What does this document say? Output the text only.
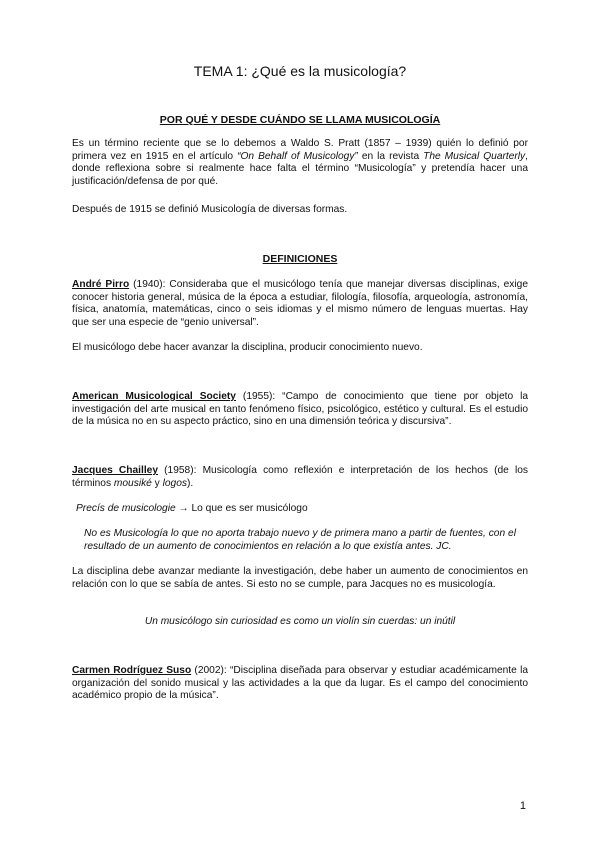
TEMA 1: ¿Qué es la musicología?
POR QUÉ Y DESDE CUÁNDO SE LLAMA MUSICOLOGÍA

Es un término reciente que se lo debemos a Waldo S. Pratt (1857 – 1939) quién lo definió por primera vez en 1915 en el artículo “On Behalf of Musicology” en la revista The Musical Quarterly, donde reflexiona sobre si realmente hace falta el término “Musicología” y pretendía hacer una justificación/defensa de por qué.

Después de 1915 se definió Musicología de diversas formas.

DEFINICIONES

André Pirro (1940): Consideraba que el musicólogo tenía que manejar diversas disciplinas, exige conocer historia general, música de la época a estudiar, filología, filosofía, arqueología, astronomía, física, anatomía, matemáticas, cinco o seis idiomas y el mismo número de lenguas muertas. Hay que ser una especie de “genio universal”.

El musicólogo debe hacer avanzar la disciplina, producir conocimiento nuevo.

American Musicological Society (1955): “Campo de conocimiento que tiene por objeto la investigación del arte musical en tanto fenómeno físico, psicológico, estético y cultural. Es el estudio de la música no en su aspecto práctico, sino en una dimensión teórica y discursiva”.

Jacques Chailley (1958): Musicología como reflexión e interpretación de los hechos (de los términos mousiké y logos).

Precís de musicologie → Lo que es ser musicólogo

No es Musicología lo que no aporta trabajo nuevo y de primera mano a partir de fuentes, con el resultado de un aumento de conocimientos en relación a lo que existía antes. JC.

La disciplina debe avanzar mediante la investigación, debe haber un aumento de conocimientos en relación con lo que se sabía de antes. Si esto no se cumple, para Jacques no es musicología.

Un musicólogo sin curiosidad es como un violín sin cuerdas: un inútil

Carmen Rodríguez Suso (2002): “Disciplina diseñada para observar y estudiar académicamente la organización del sonido musical y las actividades a la que da lugar. Es el campo del conocimiento académico propio de la música”.

1
